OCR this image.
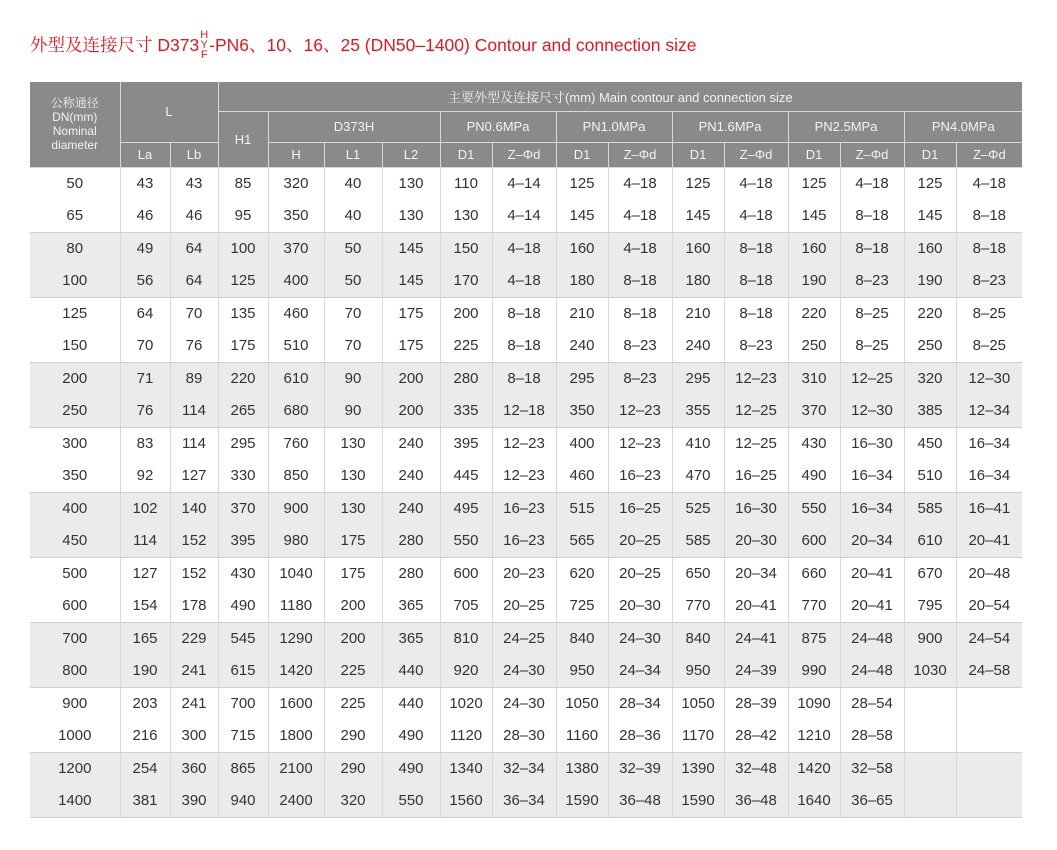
外型及连接尺寸 D373 H
Y
F
-PN6、10、16、25 (DN50–1400) Contour and connection size
公称通径
DN(mm)
Nominal
diameter	L		主要外型及连接尺寸(mm) Main contour and connection size													
			H1	D373H			PN0.6MPa		PN1.0MPa		PN1.6MPa		PN2.5MPa		PN4.0MPa	
	La	Lb		H	L1	L2	D1	Z–Φd	D1	Z–Φd	D1	Z–Φd	D1	Z–Φd	D1	Z–Φd
50	43	43	85	320	40	130	110	4–14	125	4–18	125	4–18	125	4–18	125	4–18
65	46	46	95	350	40	130	130	4–14	145	4–18	145	4–18	145	8–18	145	8–18
80	49	64	100	370	50	145	150	4–18	160	4–18	160	8–18	160	8–18	160	8–18
100	56	64	125	400	50	145	170	4–18	180	8–18	180	8–18	190	8–23	190	8–23
125	64	70	135	460	70	175	200	8–18	210	8–18	210	8–18	220	8–25	220	8–25
150	70	76	175	510	70	175	225	8–18	240	8–23	240	8–23	250	8–25	250	8–25
200	71	89	220	610	90	200	280	8–18	295	8–23	295	12–23	310	12–25	320	12–30
250	76	114	265	680	90	200	335	12–18	350	12–23	355	12–25	370	12–30	385	12–34
300	83	114	295	760	130	240	395	12–23	400	12–23	410	12–25	430	16–30	450	16–34
350	92	127	330	850	130	240	445	12–23	460	16–23	470	16–25	490	16–34	510	16–34
400	102	140	370	900	130	240	495	16–23	515	16–25	525	16–30	550	16–34	585	16–41
450	114	152	395	980	175	280	550	16–23	565	20–25	585	20–30	600	20–34	610	20–41
500	127	152	430	1040	175	280	600	20–23	620	20–25	650	20–34	660	20–41	670	20–48
600	154	178	490	1180	200	365	705	20–25	725	20–30	770	20–41	770	20–41	795	20–54
700	165	229	545	1290	200	365	810	24–25	840	24–30	840	24–41	875	24–48	900	24–54
800	190	241	615	1420	225	440	920	24–30	950	24–34	950	24–39	990	24–48	1030	24–58
900	203	241	700	1600	225	440	1020	24–30	1050	28–34	1050	28–39	1090	28–54		
1000	216	300	715	1800	290	490	1120	28–30	1160	28–36	1170	28–42	1210	28–58		
1200	254	360	865	2100	290	490	1340	32–34	1380	32–39	1390	32–48	1420	32–58		
1400	381	390	940	2400	320	550	1560	36–34	1590	36–48	1590	36–48	1640	36–65		
